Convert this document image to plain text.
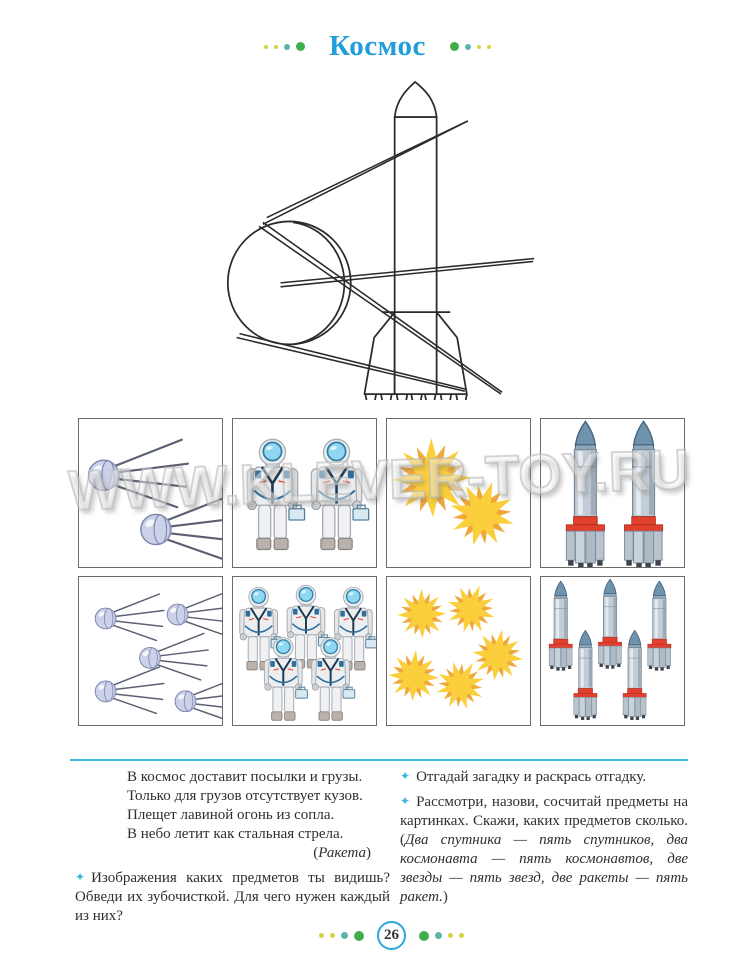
Космос
WWW.KLEVER-TOY.RU
В космос доставит посылки и грузы.
Только для грузов отсутствует кузов.
Плещет лавиной огонь из сопла.
В небо летит как стальная стрела.
(Ракета)
✦ Изображения каких предметов ты видишь? Обведи их зубочисткой. Для чего нужен каждый из них?
✦ Отгадай загадку и раскрась отгадку.
✦ Рассмотри, назови, сосчитай предметы на картинках. Скажи, каких предметов сколько. (Два спутника — пять спутников, два космонавта — пять космонавтов, две звезды — пять звезд, две ракеты — пять ракет.)
26
